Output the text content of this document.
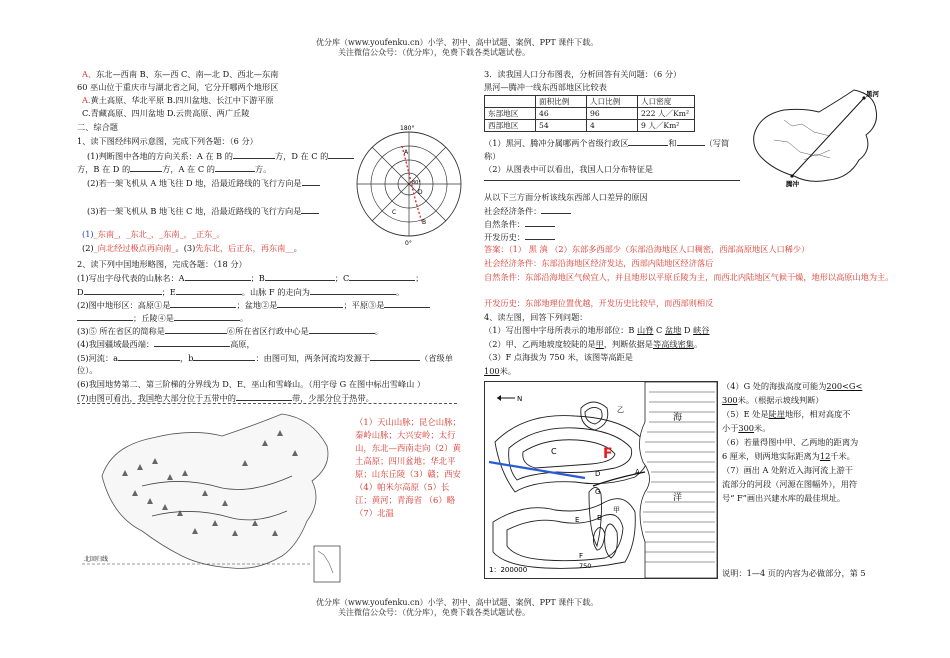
优分库（www.youfenku.cn）小学、初中、高中试题、案例、PPT 课件下载。
关注微信公众号：（优分库），免费下载各类试题试卷。
A、东北—西南 B、东—西 C、南—北 D、西北—东南
60 巫山位于重庆市与湖北省之间，它分开哪两个地形区
A.黄土高原、华北平原 B.四川盆地、长江中下游平原
C.青藏高原、四川盆地 D.云贵高原、两广丘陵
二、综合题
1、读下图经纬网示意图，完成下列各题：（6 分）
(1)判断图中各地的方向关系：A 在 B 的	方，D 在 C 的
方，B 在 D 的	方，A 在 C 的	方。
(2)若一架飞机从 A 地飞往 D 地，沿最近路线的飞行方向是
(3)若一架飞机从 B 地飞往 C 地，沿最近路线的飞行方向是
(1)_东南_，_东北_，_东南_，_正东_。
(2)_向北经过极点再向南_。(3)先东北，后正东，再东南__。
180°
0°
A
B
C
D
80°
2、读下列中国地形略图，完成各题：（18 分）
(1)写出字母代表的山脉名：A	；B	；C	；
D	；E	。山脉 F 的走向为	。
(2)图中地形区：高原①是	；盆地②是	；平原③是
；丘陵④是	。
(3)⑤ 所在省区的简称是	⑥所在省区行政中心是	。
(4)我国疆域最西端：	高原，
(5)河流：a	，b	：由图可知，两条河流均发源于	（省级单
位）。
(6)我国地势第二、第三阶梯的分界线为 D、E、巫山和雪峰山。（用字母 G 在图中标出雪峰山 ）
(7)由图可看出，我国绝大部分位于五带中的	带，少部分位于热带。
北回归线
（1）天山山脉；昆仑山脉；秦岭山脉；大兴安岭；太行山，东北—西南走向（2）黄土高原；四川盆地；华北平原；山东丘陵（3）赣；西安 （4）帕米尔高原（5）长江；黄河；青海省 （6）略 （7）北温
3．读我国人口分布图表，分析回答有关问题：（6 分）
黑河—腾冲一线东西部地区比较表
	面积比例	人口比例	人口密度
东部地区	46	96	222 人／Km²
西部地区	54	4	9 人／Km²
黑河
腾冲
（1）黑河、腾冲分属哪两个省级行政区	和	（写简
称）
（2）从图表中可以看出，我国人口分布特征是
从以下三方面分析该线东西部人口差异的原因
社会经济条件：
自然条件：
开发历史：
答案：（1） 黑 滇 （2）东部多西部少（东部沿海地区人口稠密，西部高原地区人口稀少）
社会经济条件：东部沿海地区经济发达，西部内陆地区经济落后
自然条件：东部沿海地区气候宜人，并且地形以平原丘陵为主，而西北内陆地区气候干燥，地形以高原山地为主。
开发历史：东部地理位置优越，开发历史比较早，而西部则相反
4、读左图，回答下列问题：
（1）写出图中字母所表示的地形部位：B 山脊 C 盆地 D 峡谷
（2）甲、乙两地坡度较陡的是甲，判断依据是等高线密集。
（3）F 点海拔为 750 米，该图等高距是
100米。
F
N
乙
甲
海
洋
1：200000
A
B
C
D
E
F
750
G
（4）G 处的海拔高度可能为200<G<
300米。（根据示坡线判断）
（5）E 处是陡崖地形，相对高度不
小于300米。
（6）若量得图中甲、乙两地的距离为
6 厘米，则两地实际距离为12千米。
（7）画出 A 处附近入海河流上游干
流部分的河段（河源在图幅外），用符
号“ F”画出兴建水库的最佳坝址。
说明：1—4 页的内容为必做部分，第 5
优分库（www.youfenku.cn）小学、初中、高中试题、案例、PPT 课件下载。
关注微信公众号：（优分库），免费下载各类试题试卷。
